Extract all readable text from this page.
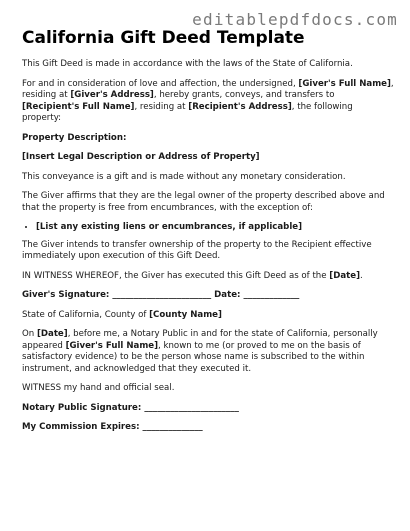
editablepdfdocs.com
California Gift Deed Template

This Gift Deed is made in accordance with the laws of the State of California.

For and in consideration of love and affection, the undersigned, [Giver's Full Name], residing at [Giver's Address], hereby grants, conveys, and transfers to [Recipient's Full Name], residing at [Recipient's Address], the following property:

Property Description:

[Insert Legal Description or Address of Property]

This conveyance is a gift and is made without any monetary consideration.

The Giver affirms that they are the legal owner of the property described above and that the property is free from encumbrances, with the exception of:

• [List any existing liens or encumbrances, if applicable]

The Giver intends to transfer ownership of the property to the Recipient effective immediately upon execution of this Gift Deed.

IN WITNESS WHEREOF, the Giver has executed this Gift Deed as of the [Date].

Giver's Signature: _______________________ Date: _____________

State of California, County of [County Name]

On [Date], before me, a Notary Public in and for the state of California, personally appeared [Giver's Full Name], known to me (or proved to me on the basis of satisfactory evidence) to be the person whose name is subscribed to the within instrument, and acknowledged that they executed it.

WITNESS my hand and official seal.

Notary Public Signature: ______________________

My Commission Expires: ______________
